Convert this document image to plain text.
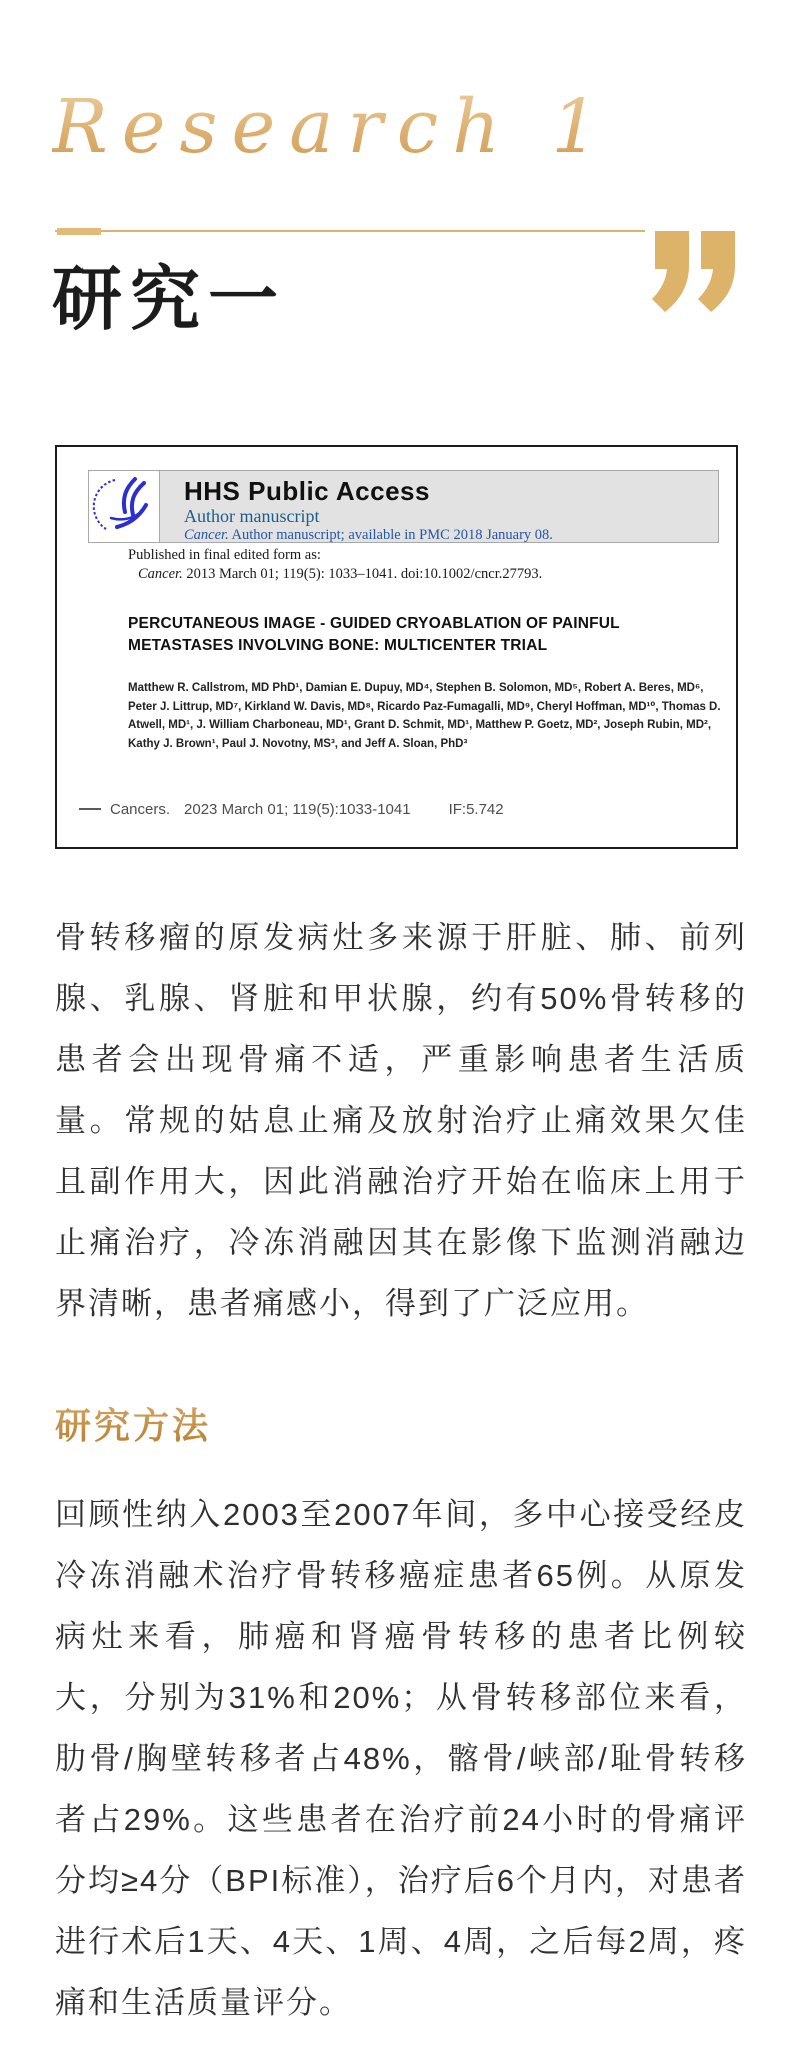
Research 1
研究一
HHS Public Access
Author manuscript
Cancer. Author manuscript; available in PMC 2018 January 08.
Published in final edited form as:
Cancer. 2013 March 01; 119(5): 1033–1041. doi:10.1002/cncr.27793.
PERCUTANEOUS IMAGE - GUIDED CRYOABLATION OF PAINFUL METASTASES INVOLVING BONE: MULTICENTER TRIAL
Matthew R. Callstrom, MD PhD¹, Damian E. Dupuy, MD⁴, Stephen B. Solomon, MD⁵, Robert A. Beres, MD⁶, Peter J. Littrup, MD⁷, Kirkland W. Davis, MD⁸, Ricardo Paz-Fumagalli, MD⁹, Cheryl Hoffman, MD¹⁰, Thomas D. Atwell, MD¹, J. William Charboneau, MD¹, Grant D. Schmit, MD¹, Matthew P. Goetz, MD², Joseph Rubin, MD², Kathy J. Brown¹, Paul J. Novotny, MS³, and Jeff A. Sloan, PhD³
Cancers. 2023 March 01; 119(5):1033-1041	IF:5.742
骨转移瘤的原发病灶多来源于肝脏、肺、前列腺、乳腺、肾脏和甲状腺，约有50%骨转移的患者会出现骨痛不适，严重影响患者生活质量。常规的姑息止痛及放射治疗止痛效果欠佳且副作用大，因此消融治疗开始在临床上用于止痛治疗，冷冻消融因其在影像下监测消融边界清晰，患者痛感小，得到了广泛应用。
研究方法
回顾性纳入2003至2007年间，多中心接受经皮冷冻消融术治疗骨转移癌症患者65例。从原发病灶来看，肺癌和肾癌骨转移的患者比例较大，分别为31%和20%；从骨转移部位来看，肋骨/胸壁转移者占48%，髂骨/峡部/耻骨转移者占29%。这些患者在治疗前24小时的骨痛评分均≥4分（BPI标准），治疗后6个月内，对患者进行术后1天、4天、1周、4周，之后每2周，疼痛和生活质量评分。
